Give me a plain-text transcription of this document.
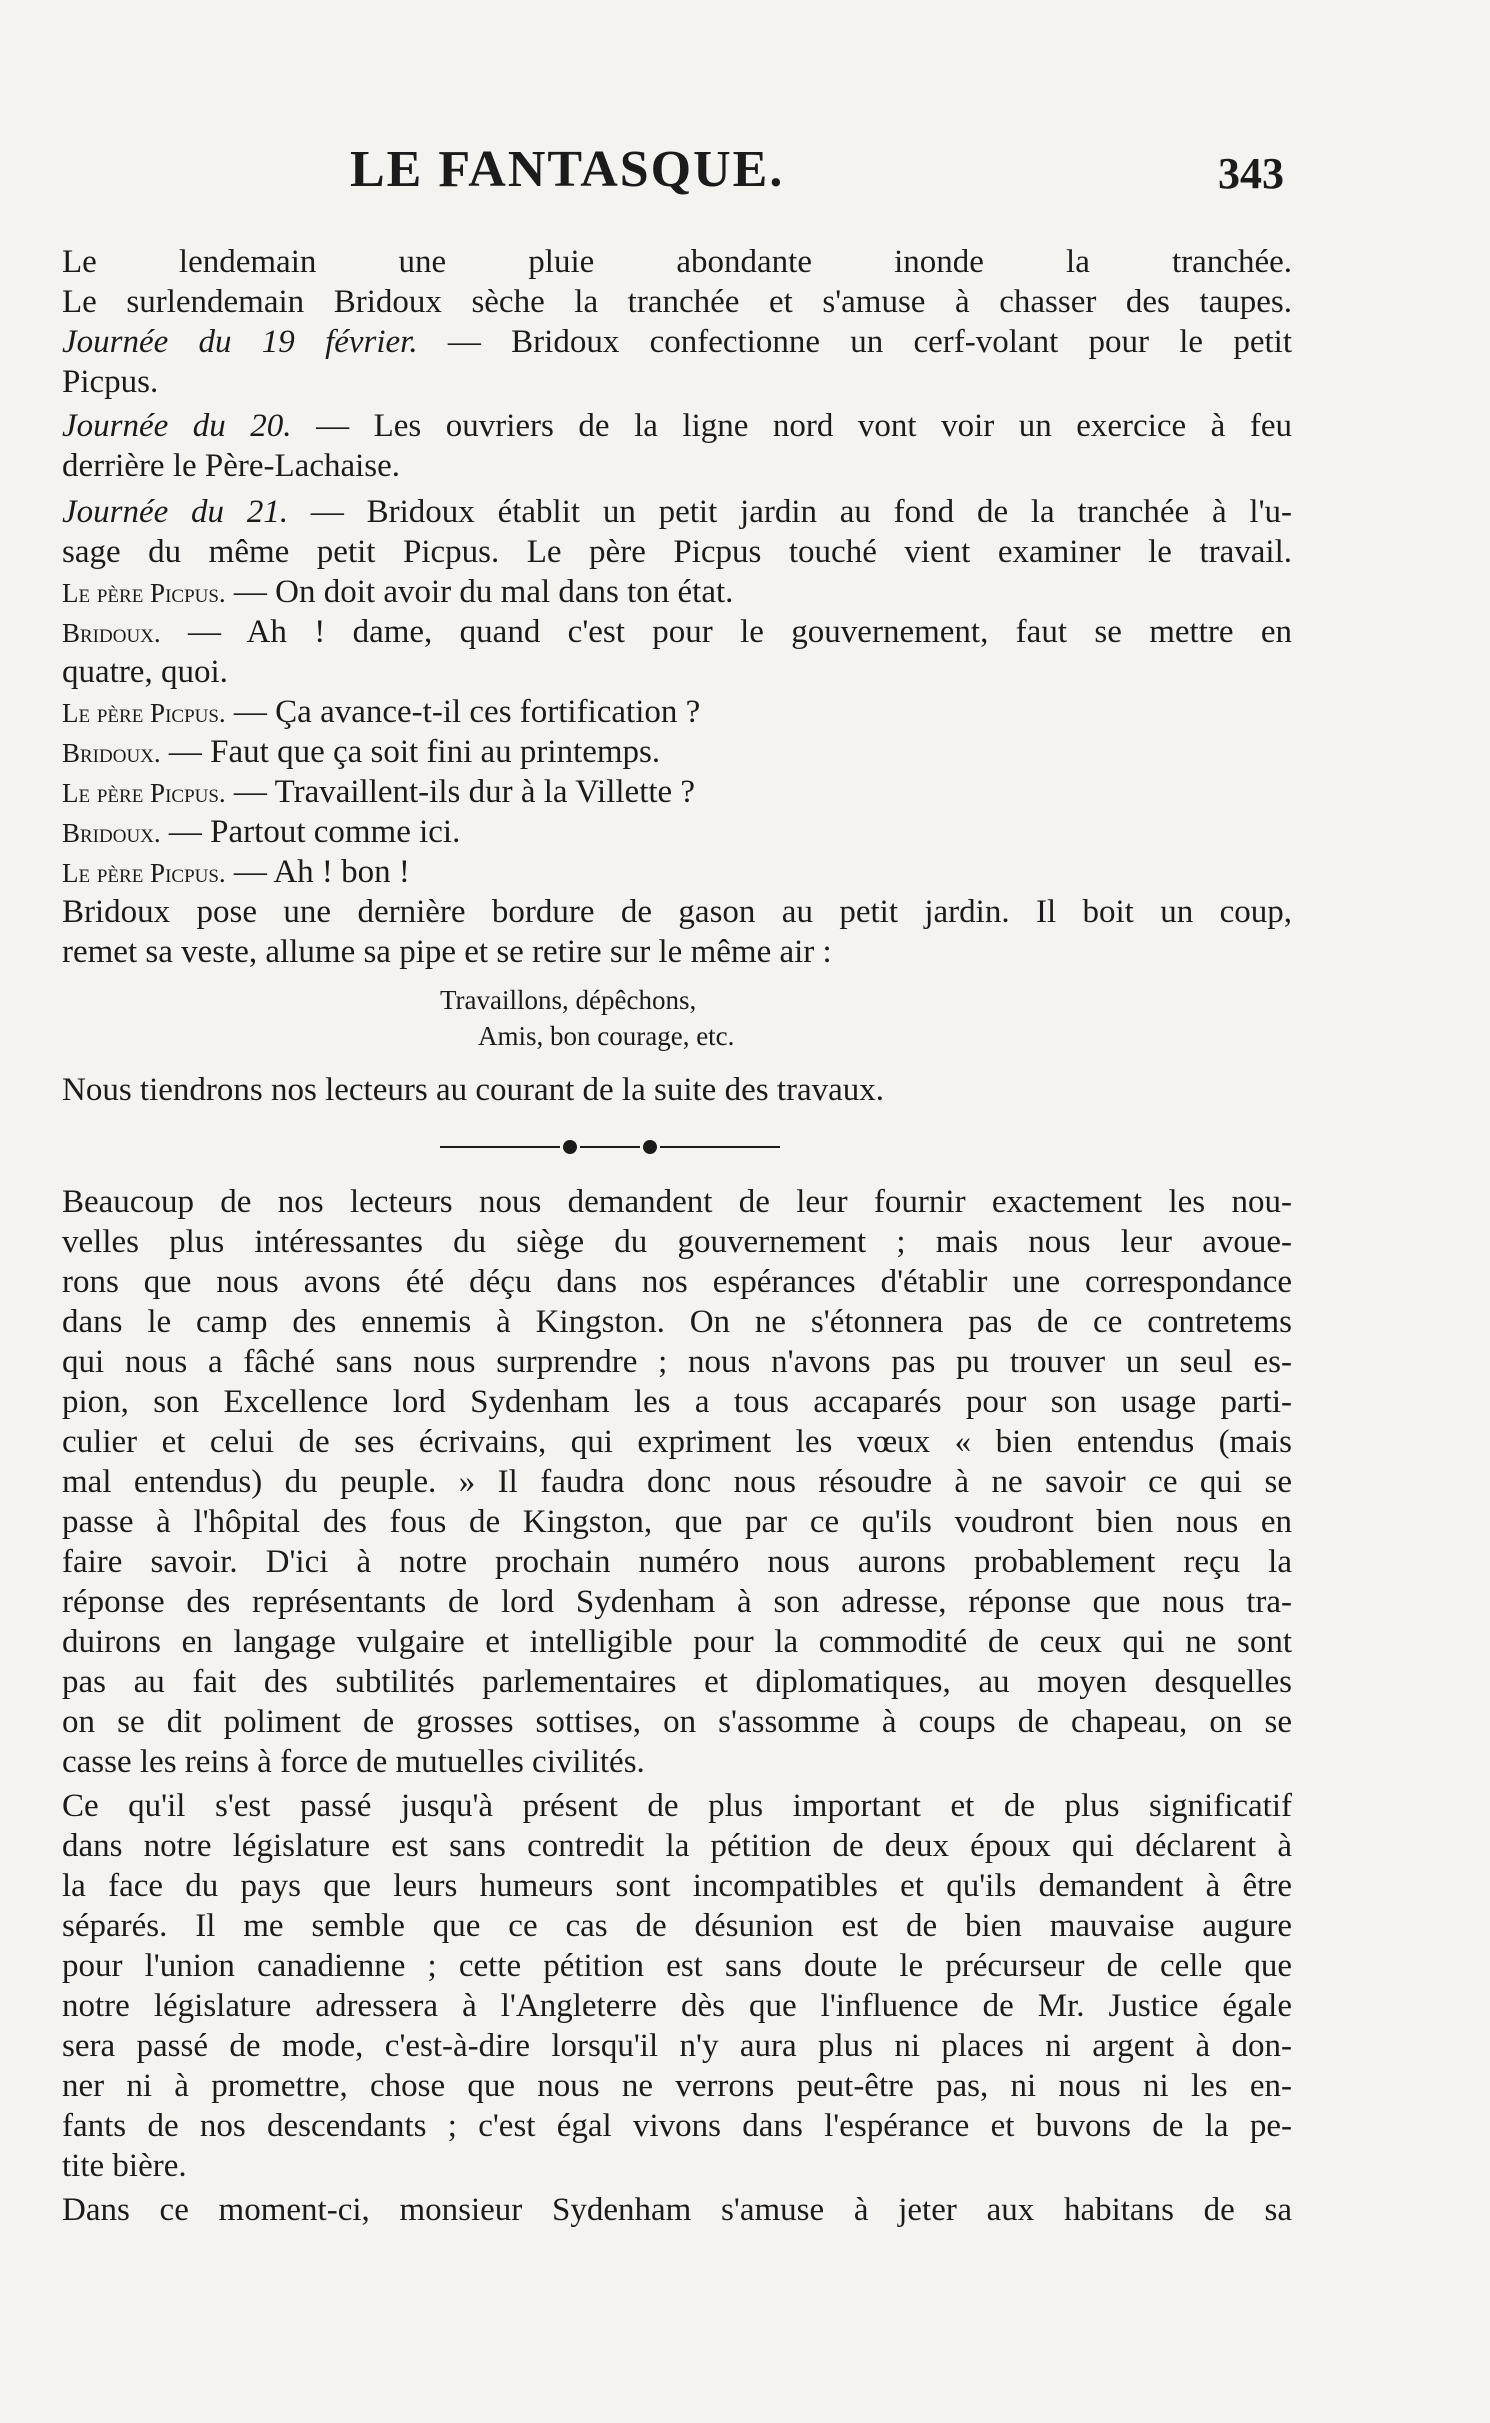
LE FANTASQUE.	343
Le lendemain une pluie abondante inonde la tranchée.
Le surlendemain Bridoux sèche la tranchée et s'amuse à chasser des taupes.
Journée du 19 février. — Bridoux confectionne un cerf-volant pour le petit
Picpus.
Journée du 20. — Les ouvriers de la ligne nord vont voir un exercice à feu
derrière le Père-Lachaise.
Journée du 21. — Bridoux établit un petit jardin au fond de la tranchée à l'u-
sage du même petit Picpus. Le père Picpus touché vient examiner le travail.
Le père Picpus. — On doit avoir du mal dans ton état.
Bridoux. — Ah ! dame, quand c'est pour le gouvernement, faut se mettre en
quatre, quoi.
Le père Picpus. — Ça avance-t-il ces fortification ?
Bridoux. — Faut que ça soit fini au printemps.
Le père Picpus. — Travaillent-ils dur à la Villette ?
Bridoux. — Partout comme ici.
Le père Picpus. — Ah ! bon !
Bridoux pose une dernière bordure de gason au petit jardin. Il boit un coup,
remet sa veste, allume sa pipe et se retire sur le même air :
Travaillons, dépêchons,
Amis, bon courage, etc.
Nous tiendrons nos lecteurs au courant de la suite des travaux.
Beaucoup de nos lecteurs nous demandent de leur fournir exactement les nou-
velles plus intéressantes du siège du gouvernement ; mais nous leur avoue-
rons que nous avons été déçu dans nos espérances d'établir une correspondance
dans le camp des ennemis à Kingston. On ne s'étonnera pas de ce contretems
qui nous a fâché sans nous surprendre ; nous n'avons pas pu trouver un seul es-
pion, son Excellence lord Sydenham les a tous accaparés pour son usage parti-
culier et celui de ses écrivains, qui expriment les vœux « bien entendus (mais
mal entendus) du peuple. » Il faudra donc nous résoudre à ne savoir ce qui se
passe à l'hôpital des fous de Kingston, que par ce qu'ils voudront bien nous en
faire savoir. D'ici à notre prochain numéro nous aurons probablement reçu la
réponse des représentants de lord Sydenham à son adresse, réponse que nous tra-
duirons en langage vulgaire et intelligible pour la commodité de ceux qui ne sont
pas au fait des subtilités parlementaires et diplomatiques, au moyen desquelles
on se dit poliment de grosses sottises, on s'assomme à coups de chapeau, on se
casse les reins à force de mutuelles civilités.
Ce qu'il s'est passé jusqu'à présent de plus important et de plus significatif
dans notre législature est sans contredit la pétition de deux époux qui déclarent à
la face du pays que leurs humeurs sont incompatibles et qu'ils demandent à être
séparés. Il me semble que ce cas de désunion est de bien mauvaise augure
pour l'union canadienne ; cette pétition est sans doute le précurseur de celle que
notre législature adressera à l'Angleterre dès que l'influence de Mr. Justice égale
sera passé de mode, c'est-à-dire lorsqu'il n'y aura plus ni places ni argent à don-
ner ni à promettre, chose que nous ne verrons peut-être pas, ni nous ni les en-
fants de nos descendants ; c'est égal vivons dans l'espérance et buvons de la pe-
tite bière.
Dans ce moment-ci, monsieur Sydenham s'amuse à jeter aux habitans de sa
